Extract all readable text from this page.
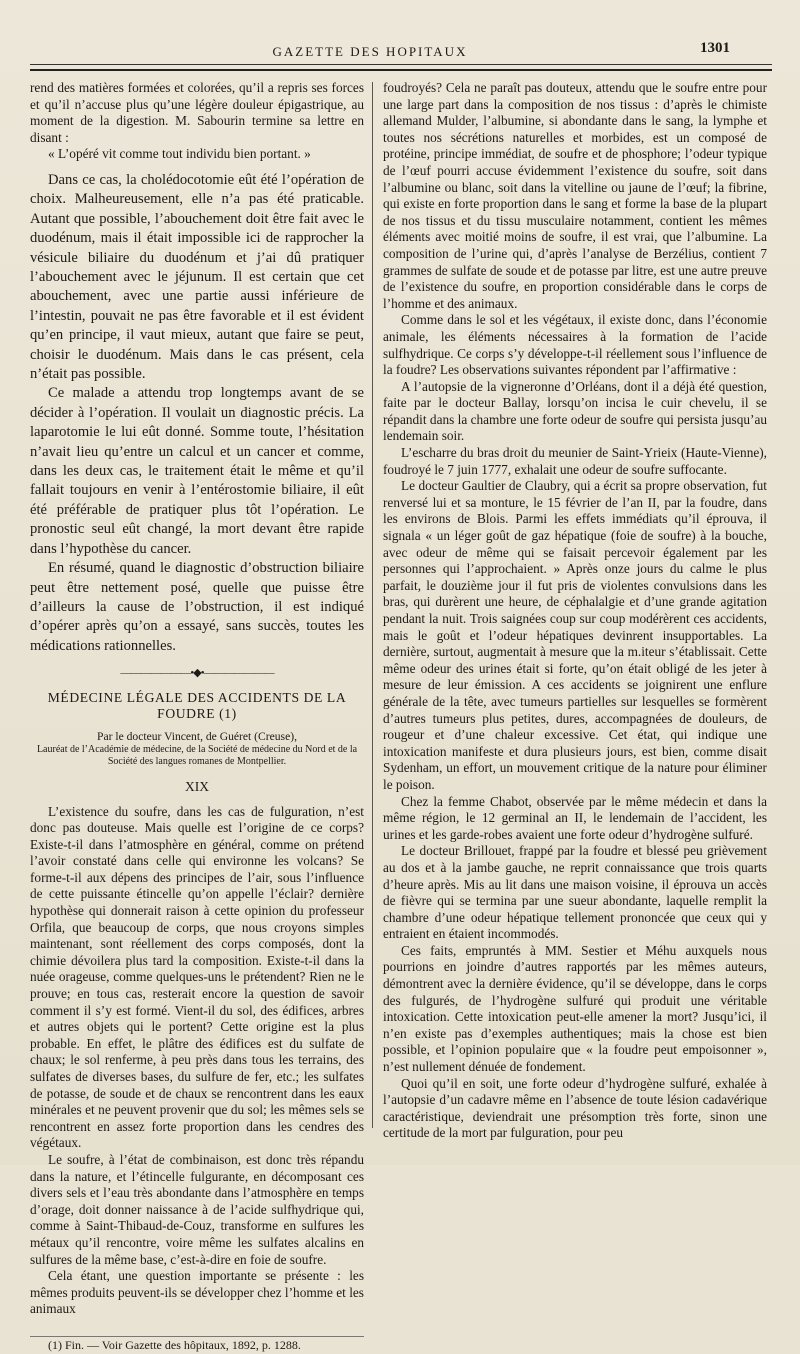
GAZETTE DES HOPITAUX	1301

rend des matières formées et colorées, qu’il a repris ses forces et qu’il n’accuse plus qu’une légère douleur épigastrique, au moment de la digestion. M. Sabourin termine sa lettre en disant :

« L’opéré vit comme tout individu bien portant. »

Dans ce cas, la cholédocotomie eût été l’opération de choix. Malheureusement, elle n’a pas été praticable. Autant que possible, l’abouchement doit être fait avec le duodénum, mais il était impossible ici de rapprocher la vésicule biliaire du duodénum et j’ai dû pratiquer l’abouchement avec le jéjunum. Il est certain que cet abouchement, avec une partie aussi inférieure de l’intestin, pouvait ne pas être favorable et il est évident qu’en principe, il vaut mieux, autant que faire se peut, choisir le duodénum. Mais dans le cas présent, cela n’était pas possible.

Ce malade a attendu trop longtemps avant de se décider à l’opération. Il voulait un diagnostic précis. La laparotomie le lui eût donné. Somme toute, l’hésitation n’avait lieu qu’entre un calcul et un cancer et comme, dans les deux cas, le traitement était le même et qu’il fallait toujours en venir à l’entérostomie biliaire, il eût été préférable de pratiquer plus tôt l’opération. Le pronostic seul eût changé, la mort devant être rapide dans l’hypothèse du cancer.

En résumé, quand le diagnostic d’obstruction biliaire peut être nettement posé, quelle que puisse être d’ailleurs la cause de l’obstruction, il est indiqué d’opérer après qu’on a essayé, sans succès, toutes les médications rationnelles.

———————•◆•———————
MÉDECINE LÉGALE DES ACCIDENTS DE LA FOUDRE (1)
Par le docteur Vincent, de Guéret (Creuse),
Lauréat de l’Académie de médecine, de la Société de médecine du Nord et de la Société des langues romanes de Montpellier.
XIX

L’existence du soufre, dans les cas de fulguration, n’est donc pas douteuse. Mais quelle est l’origine de ce corps? Existe-t-il dans l’atmosphère en général, comme on prétend l’avoir constaté dans celle qui environne les volcans? Se forme-t-il aux dépens des principes de l’air, sous l’influence de cette puissante étincelle qu’on appelle l’éclair? dernière hypothèse qui donnerait raison à cette opinion du professeur Orfila, que beaucoup de corps, que nous croyons simples maintenant, sont réellement des corps composés, dont la chimie dévoilera plus tard la composition. Existe-t-il dans la nuée orageuse, comme quelques-uns le prétendent? Rien ne le prouve; en tous cas, resterait encore la question de savoir comment il s’y est formé. Vient-il du sol, des édifices, arbres et autres objets qui le portent? Cette origine est la plus probable. En effet, le plâtre des édifices est du sulfate de chaux; le sol renferme, à peu près dans tous les terrains, des sulfates de diverses bases, du sulfure de fer, etc.; les sulfates de potasse, de soude et de chaux se rencontrent dans les eaux minérales et ne peuvent provenir que du sol; les mêmes sels se rencontrent en assez forte proportion dans les cendres des végétaux.

Le soufre, à l’état de combinaison, est donc très répandu dans la nature, et l’étincelle fulgurante, en décomposant ces divers sels et l’eau très abondante dans l’atmosphère en temps d’orage, doit donner naissance à de l’acide sulfhydrique qui, comme à Saint-Thibaud-de-Couz, transforme en sulfures les métaux qu’il rencontre, voire même les sulfates alcalins en sulfures de la même base, c’est-à-dire en foie de soufre.

Cela étant, une question importante se présente : les mêmes produits peuvent-ils se développer chez l’homme et les animaux

(1) Fin. — Voir Gazette des hôpitaux, 1892, p. 1288.

foudroyés? Cela ne paraît pas douteux, attendu que le soufre entre pour une large part dans la composition de nos tissus : d’après le chimiste allemand Mulder, l’albumine, si abondante dans le sang, la lymphe et toutes nos sécrétions naturelles et morbides, est un composé de protéine, principe immédiat, de soufre et de phosphore; l’odeur typique de l’œuf pourri accuse évidemment l’existence du soufre, soit dans l’albumine ou blanc, soit dans la vitelline ou jaune de l’œuf; la fibrine, qui existe en forte proportion dans le sang et forme la base de la plupart de nos tissus et du tissu musculaire notamment, contient les mêmes éléments avec moitié moins de soufre, il est vrai, que l’albumine. La composition de l’urine qui, d’après l’analyse de Berzélius, contient 7 grammes de sulfate de soude et de potasse par litre, est une autre preuve de l’existence du soufre, en proportion considérable dans le corps de l’homme et des animaux.

Comme dans le sol et les végétaux, il existe donc, dans l’économie animale, les éléments nécessaires à la formation de l’acide sulfhydrique. Ce corps s’y développe-t-il réellement sous l’influence de la foudre? Les observations suivantes répondent par l’affirmative :

A l’autopsie de la vigneronne d’Orléans, dont il a déjà été question, faite par le docteur Ballay, lorsqu’on incisa le cuir chevelu, il se répandit dans la chambre une forte odeur de soufre qui persista jusqu’au lendemain soir.

L’escharre du bras droit du meunier de Saint-Yrieix (Haute-Vienne), foudroyé le 7 juin 1777, exhalait une odeur de soufre suffocante.

Le docteur Gaultier de Claubry, qui a écrit sa propre observation, fut renversé lui et sa monture, le 15 février de l’an II, par la foudre, dans les environs de Blois. Parmi les effets immédiats qu’il éprouva, il signala « un léger goût de gaz hépatique (foie de soufre) à la bouche, avec odeur de même qui se faisait percevoir également par les personnes qui l’approchaient. » Après onze jours du calme le plus parfait, le douzième jour il fut pris de violentes convulsions dans les bras, qui durèrent une heure, de céphalalgie et d’une grande agitation pendant la nuit. Trois saignées coup sur coup modérèrent ces accidents, mais le goût et l’odeur hépatiques devinrent insupportables. La dernière, surtout, augmentait à mesure que la m.iteur s’établissait. Cette même odeur des urines était si forte, qu’on était obligé de les jeter à mesure de leur émission. A ces accidents se joignirent une enflure générale de la tête, avec tumeurs partielles sur lesquelles se formèrent d’autres tumeurs plus petites, dures, accompagnées de douleurs, de rougeur et d’une chaleur excessive. Cet état, qui indique une intoxication manifeste et dura plusieurs jours, est bien, comme disait Sydenham, un effort, un mouvement critique de la nature pour éliminer le poison.

Chez la femme Chabot, observée par le même médecin et dans la même région, le 12 germinal an II, le lendemain de l’accident, les urines et les garde-robes avaient une forte odeur d’hydrogène sulfuré.

Le docteur Brillouet, frappé par la foudre et blessé peu grièvement au dos et à la jambe gauche, ne reprit connaissance que trois quarts d’heure après. Mis au lit dans une maison voisine, il éprouva un accès de fièvre qui se termina par une sueur abondante, laquelle remplit la chambre d’une odeur hépatique tellement prononcée que ceux qui y entraient en étaient incommodés.

Ces faits, empruntés à MM. Sestier et Méhu auxquels nous pourrions en joindre d’autres rapportés par les mêmes auteurs, démontrent avec la dernière évidence, qu’il se développe, dans le corps des fulgurés, de l’hydrogène sulfuré qui produit une véritable intoxication. Cette intoxication peut-elle amener la mort? Jusqu’ici, il n’en existe pas d’exemples authentiques; mais la chose est bien possible, et l’opinion populaire que « la foudre peut empoisonner », n’est nullement dénuée de fondement.

Quoi qu’il en soit, une forte odeur d’hydrogène sulfuré, exhalée à l’autopsie d’un cadavre même en l’absence de toute lésion cadavérique caractéristique, deviendrait une présomption très forte, sinon une certitude de la mort par fulguration, pour peu
